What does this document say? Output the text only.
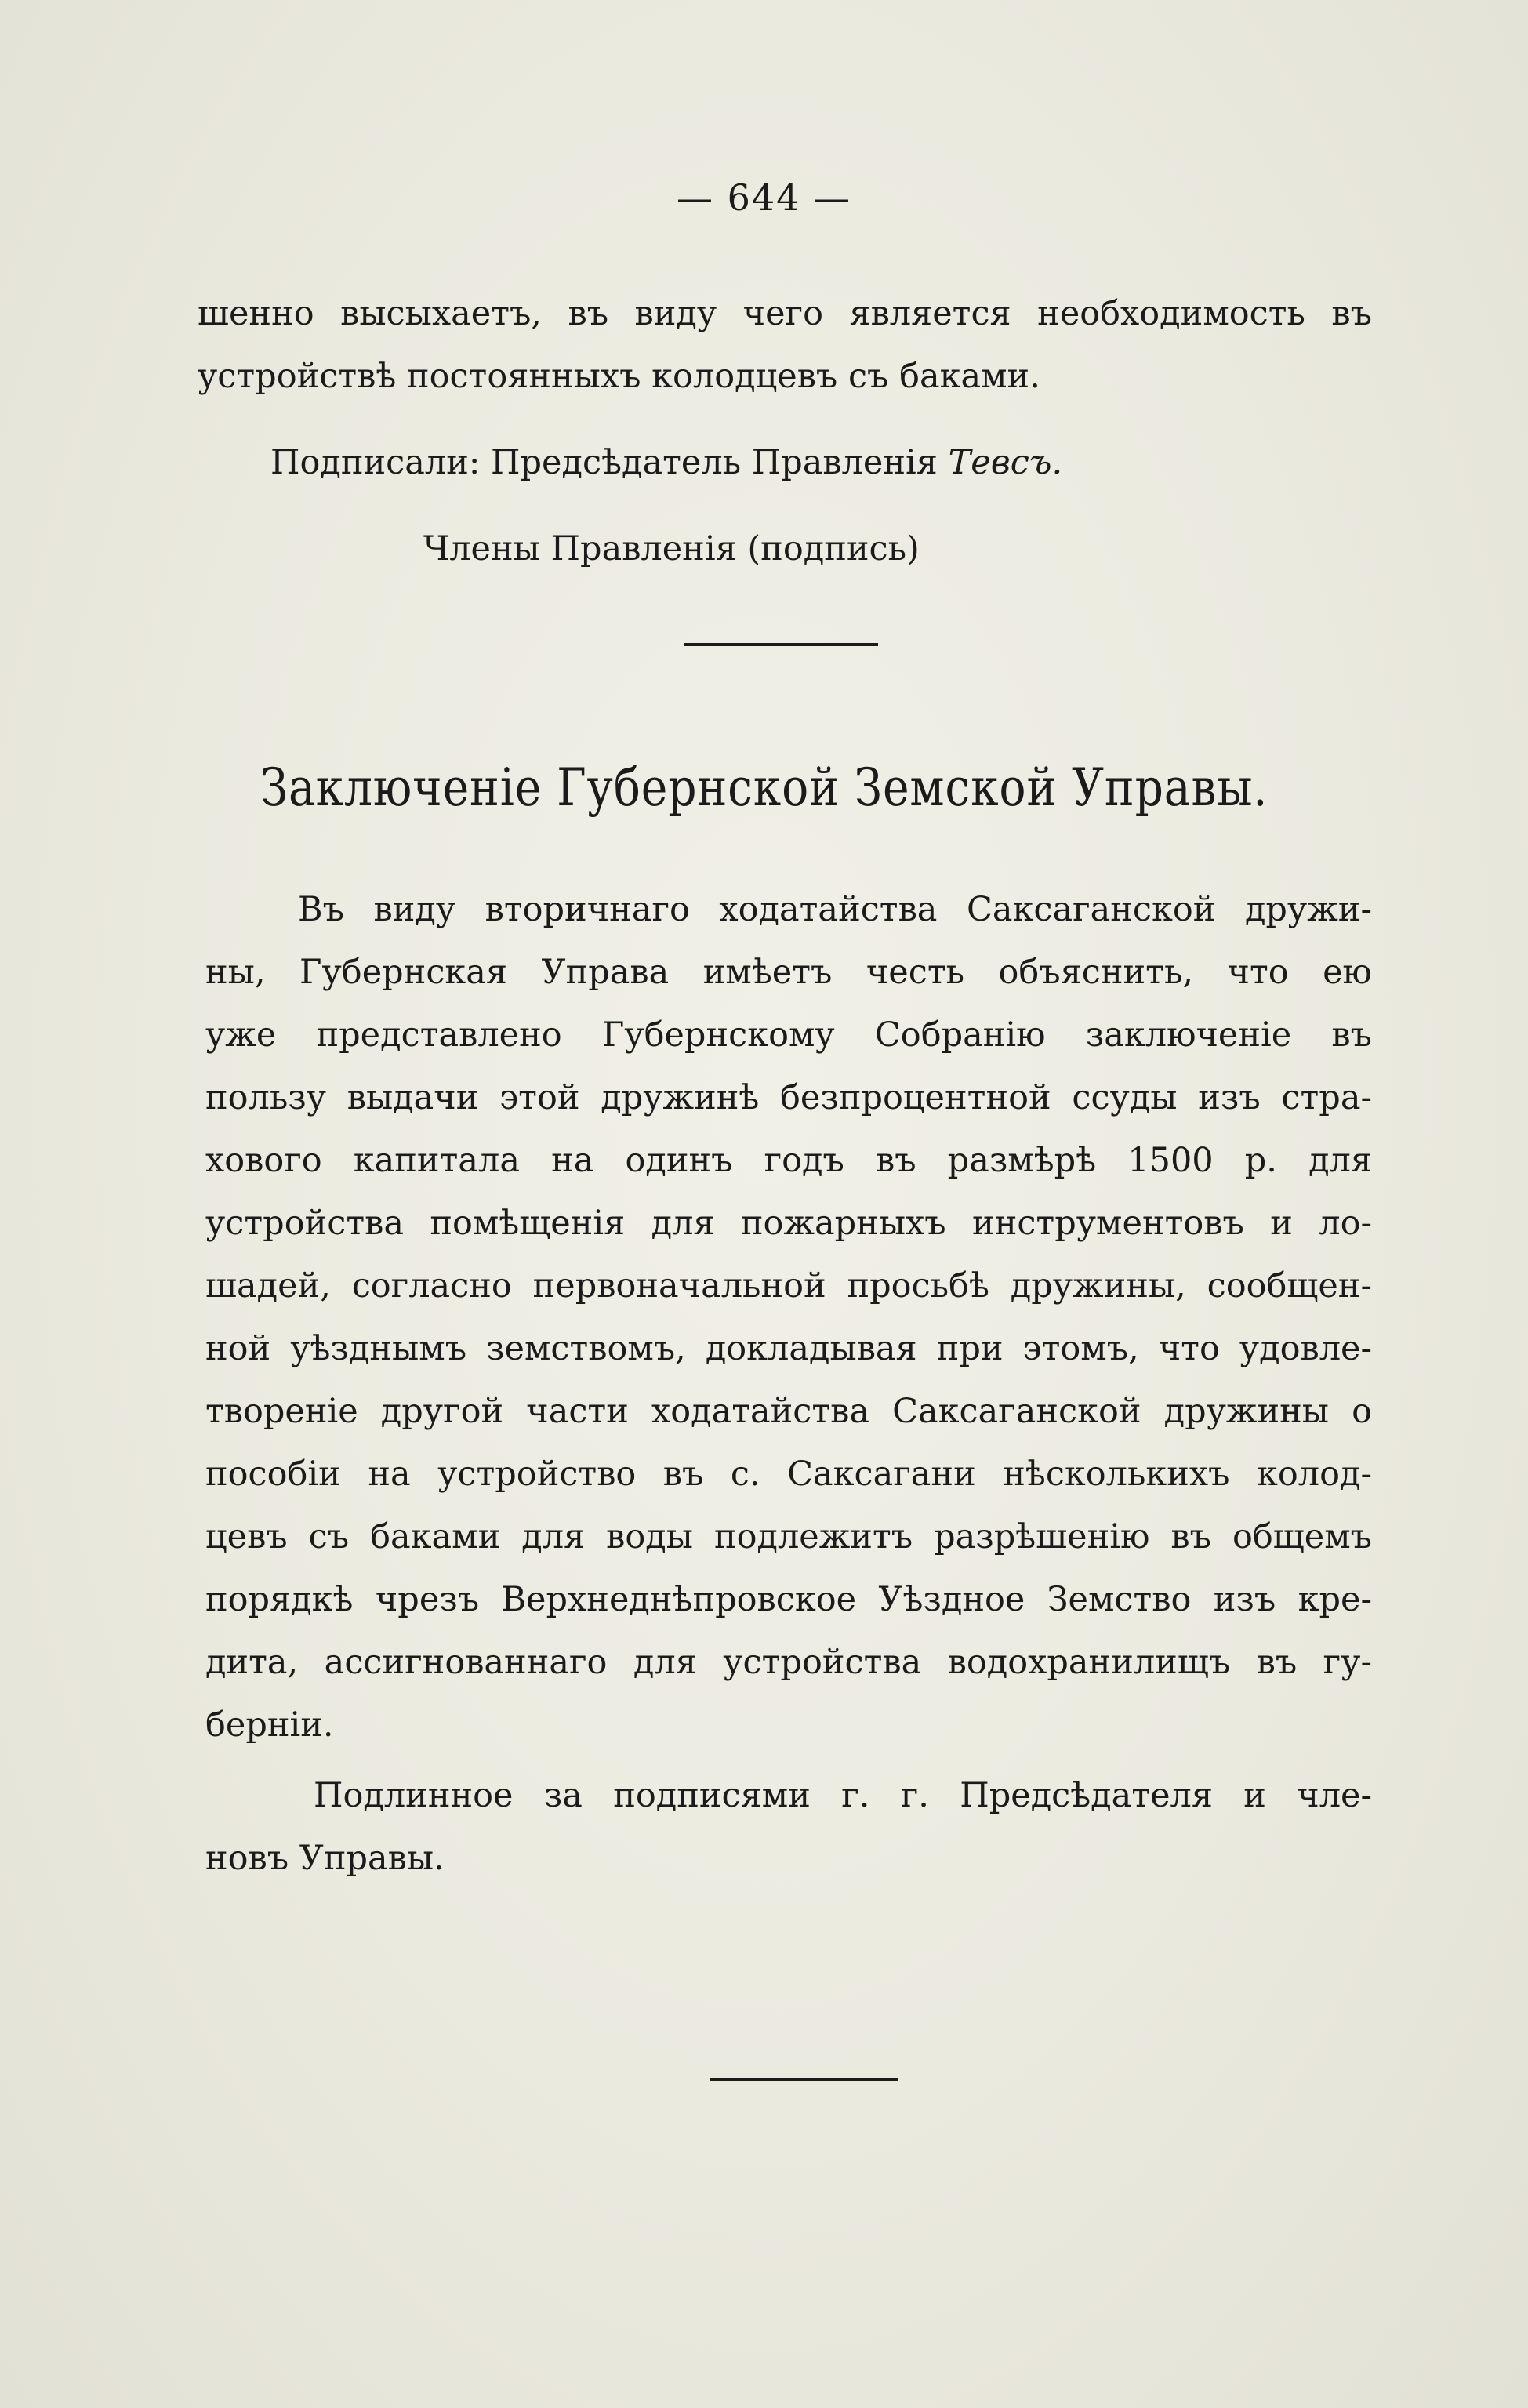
— 644 —
шенно высыхаетъ, въ виду чего является необходимость въ
устройствѣ постоянныхъ колодцевъ съ баками.
Подписали: Предсѣдатель Правленія Тевсъ.
Члены Правленія (подпись)
Заключеніе Губернской Земской Управы.
Въ виду вторичнаго ходатайства Саксаганской дружи-
ны, Губернская Управа имѣетъ честь объяснить, что ею
уже представлено Губернскому Собранію заключеніе въ
пользу выдачи этой дружинѣ безпроцентной ссуды изъ стра-
хового капитала на одинъ годъ въ размѣрѣ 1500 р. для
устройства помѣщенія для пожарныхъ инструментовъ и ло-
шадей, согласно первоначальной просьбѣ дружины, сообщен-
ной уѣзднымъ земствомъ, докладывая при этомъ, что удовле-
твореніе другой части ходатайства Саксаганской дружины о
пособіи на устройство въ с. Саксагани нѣсколькихъ колод-
цевъ съ баками для воды подлежитъ разрѣшенію въ общемъ
порядкѣ чрезъ Верхнеднѣпровское Уѣздное Земство изъ кре-
дита, ассигнованнаго для устройства водохранилищъ въ гу-
берніи.
Подлинное за подписями г. г. Предсѣдателя и чле-
новъ Управы.
